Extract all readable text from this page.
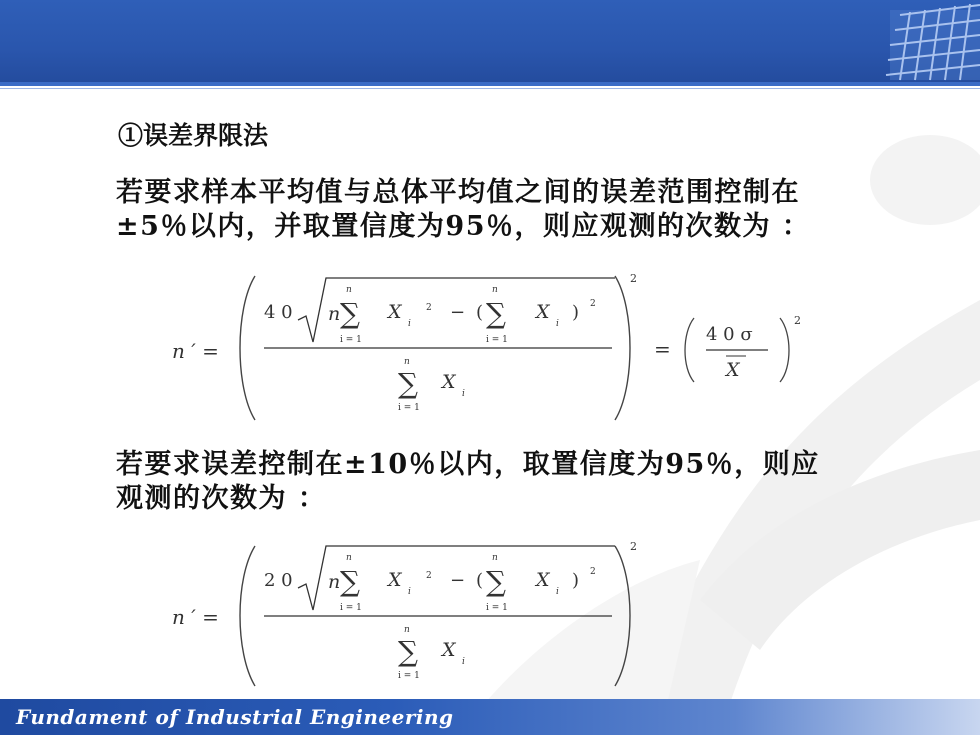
①误差界限法
若要求样本平均值与总体平均值之间的误差范围控制在
±5％以内，并取置信度为95％，则应观测的次数为 ：
n ′ =
2
4 0 n
n
∑
i = 1
X
i
2 − (
n
∑
i = 1
X
i
) 2
n
∑
i = 1
X
i
=
4 0 σ
X
2
若要求误差控制在±10％以内，取置信度为95％，则应
观测的次数为 ：
n ′ =
2
2 0 n
n
∑
i = 1
X
i
2 − (
n
∑
i = 1
X
i
) 2
n
∑
i = 1
X
i
Fundament of Industrial Engineering
